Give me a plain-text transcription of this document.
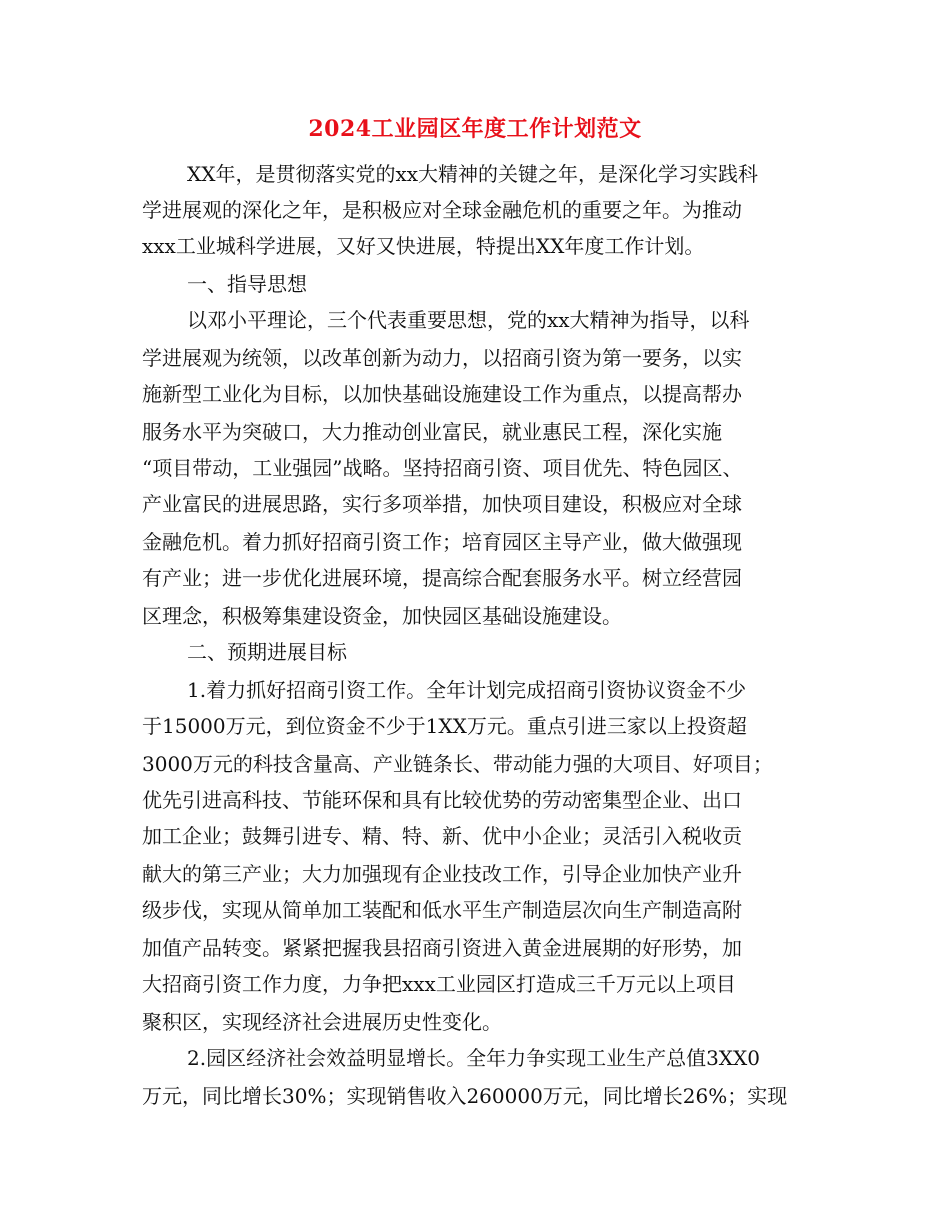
2024工业园区年度工作计划范文
XX年，是贯彻落实党的xx大精神的关键之年，是深化学习实践科
学进展观的深化之年，是积极应对全球金融危机的重要之年。为推动
xxx工业城科学进展，又好又快进展，特提出XX年度工作计划。
一、指导思想
以邓小平理论，三个代表重要思想，党的xx大精神为指导，以科
学进展观为统领，以改革创新为动力，以招商引资为第一要务，以实
施新型工业化为目标，以加快基础设施建设工作为重点，以提高帮办
服务水平为突破口，大力推动创业富民，就业惠民工程，深化实施
“项目带动，工业强园”战略。坚持招商引资、项目优先、特色园区、
产业富民的进展思路，实行多项举措，加快项目建设，积极应对全球
金融危机。着力抓好招商引资工作；培育园区主导产业，做大做强现
有产业；进一步优化进展环境，提高综合配套服务水平。树立经营园
区理念，积极筹集建设资金，加快园区基础设施建设。
二、预期进展目标
1.着力抓好招商引资工作。全年计划完成招商引资协议资金不少
于15000万元，到位资金不少于1XX万元。重点引进三家以上投资超
3000万元的科技含量高、产业链条长、带动能力强的大项目、好项目；
优先引进高科技、节能环保和具有比较优势的劳动密集型企业、出口
加工企业；鼓舞引进专、精、特、新、优中小企业；灵活引入税收贡
献大的第三产业；大力加强现有企业技改工作，引导企业加快产业升
级步伐，实现从简单加工装配和低水平生产制造层次向生产制造高附
加值产品转变。紧紧把握我县招商引资进入黄金进展期的好形势，加
大招商引资工作力度，力争把xxx工业园区打造成三千万元以上项目
聚积区，实现经济社会进展历史性变化。
2.园区经济社会效益明显增长。全年力争实现工业生产总值3XX0
万元，同比增长30%；实现销售收入260000万元，同比增长26%；实现
